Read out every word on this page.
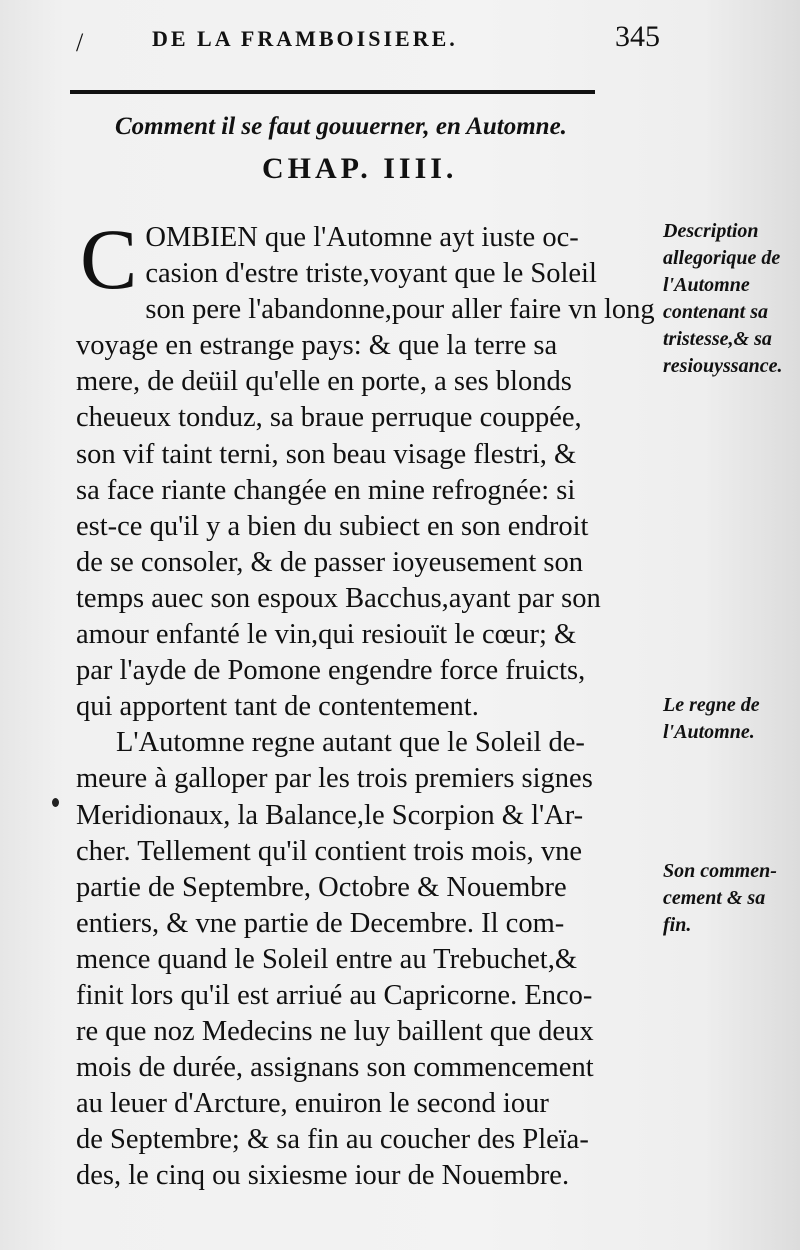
/	DE LA FRAMBOISIERE.	345
Comment il se faut gouuerner, en Automne.
CHAP. IIII.
C OMBIEN que l'Automne ayt iuste oc-
casion d'estre triste,voyant que le Soleil
son pere l'abandonne,pour aller faire vn long
voyage en estrange pays: & que la terre sa
mere, de deüil qu'elle en porte, a ses blonds
cheueux tonduz, sa braue perruque couppée,
son vif taint terni, son beau visage flestri, &
sa face riante changée en mine refrognée: si
est-ce qu'il y a bien du subiect en son endroit
de se consoler, & de passer ioyeusement son
temps auec son espoux Bacchus,ayant par son
amour enfanté le vin,qui resiouït le cœur; &
par l'ayde de Pomone engendre force fruicts,
qui apportent tant de contentement.
L'Automne regne autant que le Soleil de-
meure à galloper par les trois premiers signes
Meridionaux, la Balance,le Scorpion & l'Ar-
cher. Tellement qu'il contient trois mois, vne
partie de Septembre, Octobre & Nouembre
entiers, & vne partie de Decembre. Il com-
mence quand le Soleil entre au Trebuchet,&
finit lors qu'il est arriué au Capricorne. Enco-
re que noz Medecins ne luy baillent que deux
mois de durée, assignans son commencement
au leuer d'Arcture, enuiron le second iour
de Septembre; & sa fin au coucher des Pleïa-
des, le cinq ou sixiesme iour de Nouembre.
Description
allegorique de
l'Automne
contenant sa
tristesse,& sa
resiouyssance.
Le regne de
l'Automne.
Son commen-
cement & sa
fin.
